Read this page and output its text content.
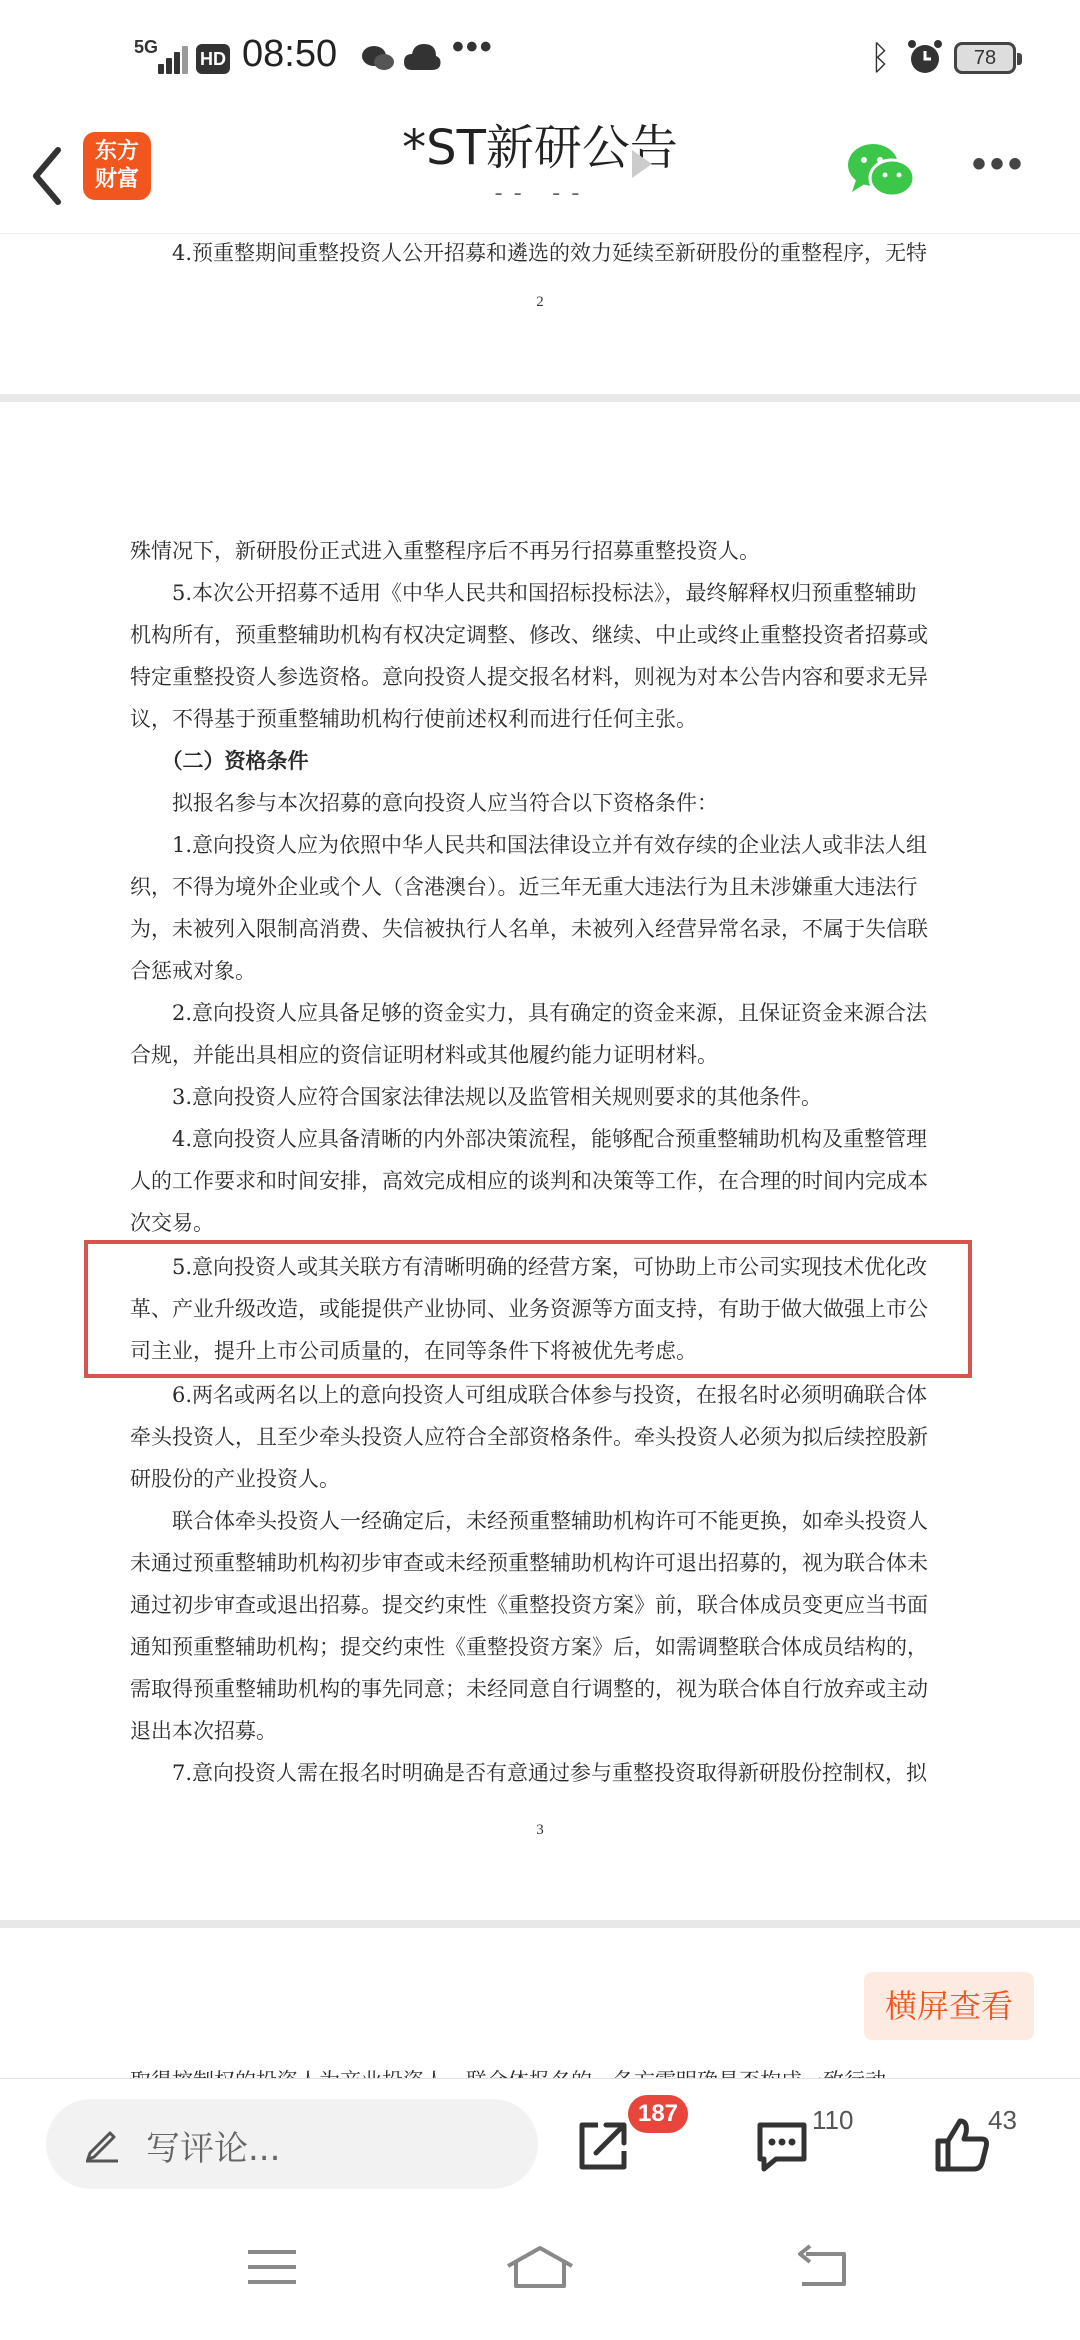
5G
HD 08:50	•••	ᛒ	78
东方
财富
*ST新研公告
-- --
•••
4.预重整期间重整投资人公开招募和遴选的效力延续至新研股份的重整程序，无特
2
殊情况下，新研股份正式进入重整程序后不再另行招募重整投资人。
　　5.本次公开招募不适用《中华人民共和国招标投标法》，最终解释权归预重整辅助
机构所有，预重整辅助机构有权决定调整、修改、继续、中止或终止重整投资者招募或
特定重整投资人参选资格。意向投资人提交报名材料，则视为对本公告内容和要求无异
议，不得基于预重整辅助机构行使前述权利而进行任何主张。
　　（二）资格条件
　　拟报名参与本次招募的意向投资人应当符合以下资格条件：
　　1.意向投资人应为依照中华人民共和国法律设立并有效存续的企业法人或非法人组
织，不得为境外企业或个人（含港澳台）。近三年无重大违法行为且未涉嫌重大违法行
为，未被列入限制高消费、失信被执行人名单，未被列入经营异常名录，不属于失信联
合惩戒对象。
　　2.意向投资人应具备足够的资金实力，具有确定的资金来源，且保证资金来源合法
合规，并能出具相应的资信证明材料或其他履约能力证明材料。
　　3.意向投资人应符合国家法律法规以及监管相关规则要求的其他条件。
　　4.意向投资人应具备清晰的内外部决策流程，能够配合预重整辅助机构及重整管理
人的工作要求和时间安排，高效完成相应的谈判和决策等工作，在合理的时间内完成本
次交易。
　　5.意向投资人或其关联方有清晰明确的经营方案，可协助上市公司实现技术优化改
革、产业升级改造，或能提供产业协同、业务资源等方面支持，有助于做大做强上市公
司主业，提升上市公司质量的，在同等条件下将被优先考虑。
　　6.两名或两名以上的意向投资人可组成联合体参与投资，在报名时必须明确联合体
牵头投资人，且至少牵头投资人应符合全部资格条件。牵头投资人必须为拟后续控股新
研股份的产业投资人。
　　联合体牵头投资人一经确定后，未经预重整辅助机构许可不能更换，如牵头投资人
未通过预重整辅助机构初步审查或未经预重整辅助机构许可退出招募的，视为联合体未
通过初步审查或退出招募。提交约束性《重整投资方案》前，联合体成员变更应当书面
通知预重整辅助机构；提交约束性《重整投资方案》后，如需调整联合体成员结构的，
需取得预重整辅助机构的事先同意；未经同意自行调整的，视为联合体自行放弃或主动
退出本次招募。
　　7.意向投资人需在报名时明确是否有意通过参与重整投资取得新研股份控制权，拟
3
横屏查看
写评论...
187	110	43
